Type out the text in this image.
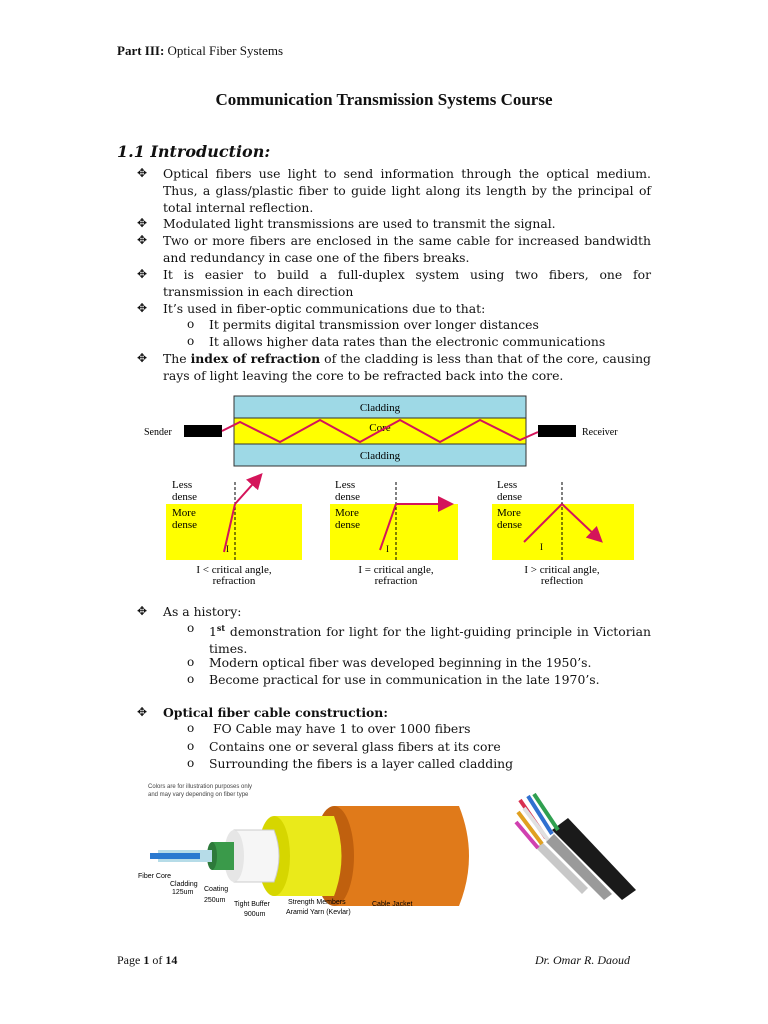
Part III: Optical Fiber Systems
Communication Transmission Systems Course
1.1 Introduction:
✥	Optical fibers use light to send information through the optical medium. Thus, a glass/plastic fiber to guide light along its length by the principal of total internal reflection.
✥	Modulated light transmissions are used to transmit the signal.
✥	Two or more fibers are enclosed in the same cable for increased bandwidth and redundancy in case one of the fibers breaks.
✥	It is easier to build a full-duplex system using two fibers, one for transmission in each direction
✥	It’s used in fiber-optic communications due to that:
o	It permits digital transmission over longer distances
o	It allows higher data rates than the electronic communications
✥	The index of refraction of the cladding is less than that of the core, causing rays of light leaving the core to be refracted back into the core.
Cladding
Core
Cladding
Sender	Receiver
Less
dense
More
dense
I
I < critical angle,
refraction
Less
dense
More
dense
I
I = critical angle,
refraction
Less
dense
More
dense
I
I > critical angle,
reflection
✥	As a history:
o	1st demonstration for light for the light-guiding principle in Victorian times.
o	Modern optical fiber was developed beginning in the 1950’s.
o	Become practical for use in communication in the late 1970’s.
✥	Optical fiber cable construction:
o	FO Cable may have 1 to over 1000 fibers
o	Contains one or several glass fibers at its core
o	Surrounding the fibers is a layer called cladding
Colors are for illustration purposes only
and may vary depending on fiber type
Fiber Core
Cladding
125um Coating
250um
Tight Buffer
900um
Strength Members
Aramid Yarn (Kevlar)
Cable Jacket
Page 1 of 14	Dr. Omar R. Daoud
